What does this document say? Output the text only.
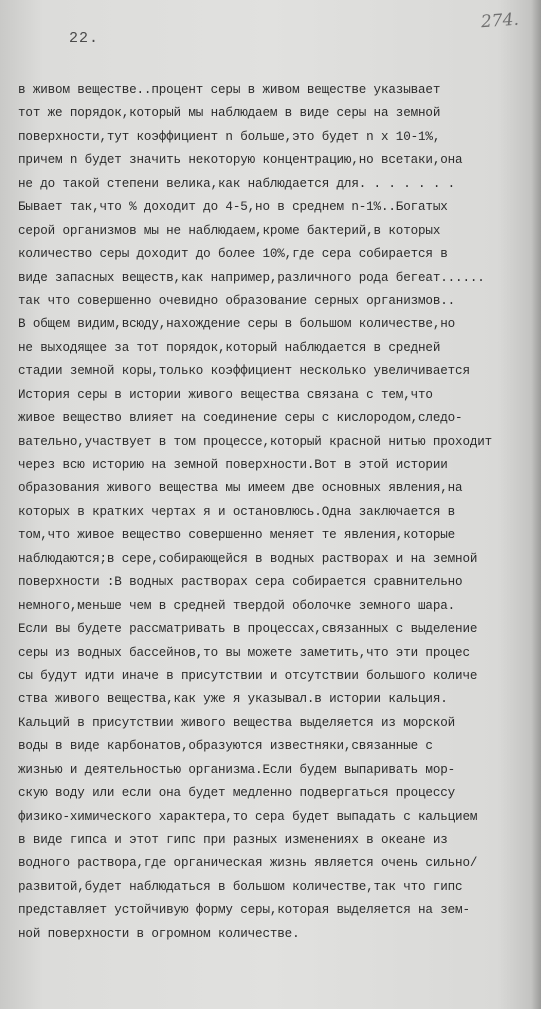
22.
274.
в живом веществе..процент серы в живом веществе указывает
тот же порядок,который мы наблюдаем в виде серы на земной
поверхности,тут коэффициент n больше,это будет n x 10-1%,
причем n будет значить некоторую концентрацию,но всетаки,она
не до такой степени велика,как наблюдается для. . . . . . .
Бывает так,что % доходит до 4-5,но в среднем n-1%..Богатых
серой организмов мы не наблюдаем,кроме бактерий,в которых
количество серы доходит до более 10%,где сера собирается в
виде запасных веществ,как например,различного рода бегеат......
так что совершенно очевидно образование серных организмов..
В общем видим,всюду,нахождение серы в большом количестве,но
не выходящее за тот порядок,который наблюдается в средней
стадии земной коры,только коэффициент несколько увеличивается
История серы в истории живого вещества связана с тем,что
живое вещество влияет на соединение серы с кислородом,следо-
вательно,участвует в том процессе,который красной нитью проходит
через всю историю на земной поверхности.Вот в этой истории
образования живого вещества мы имеем две основных явления,на
которых в кратких чертах я и остановлюсь.Одна заключается в
том,что живое вещество совершенно меняет те явления,которые
наблюдаются;в сере,собирающейся в водных растворах и на земной
поверхности :В водных растворах сера собирается сравнительно
немного,меньше чем в средней твердой оболочке земного шара.
Если вы будете рассматривать в процессах,связанных с выделение
серы из водных бассейнов,то вы можете заметить,что эти процес
сы будут идти иначе в присутствии и отсутствии большого количе
ства живого вещества,как уже я указывал.в истории кальция.
Кальций в присутствии живого вещества выделяется из морской
воды в виде карбонатов,образуются известняки,связанные с
жизнью и деятельностью организма.Если будем выпаривать мор-
скую воду или если она будет медленно подвергаться процессу
физико-химического характера,то сера будет выпадать с кальцием
в виде гипса и этот гипс при разных изменениях в океане из
водного раствора,где органическая жизнь является очень сильно/
развитой,будет наблюдаться в большом количестве,так что гипс
представляет устойчивую форму серы,которая выделяется на зем-
ной поверхности в огромном количестве.
